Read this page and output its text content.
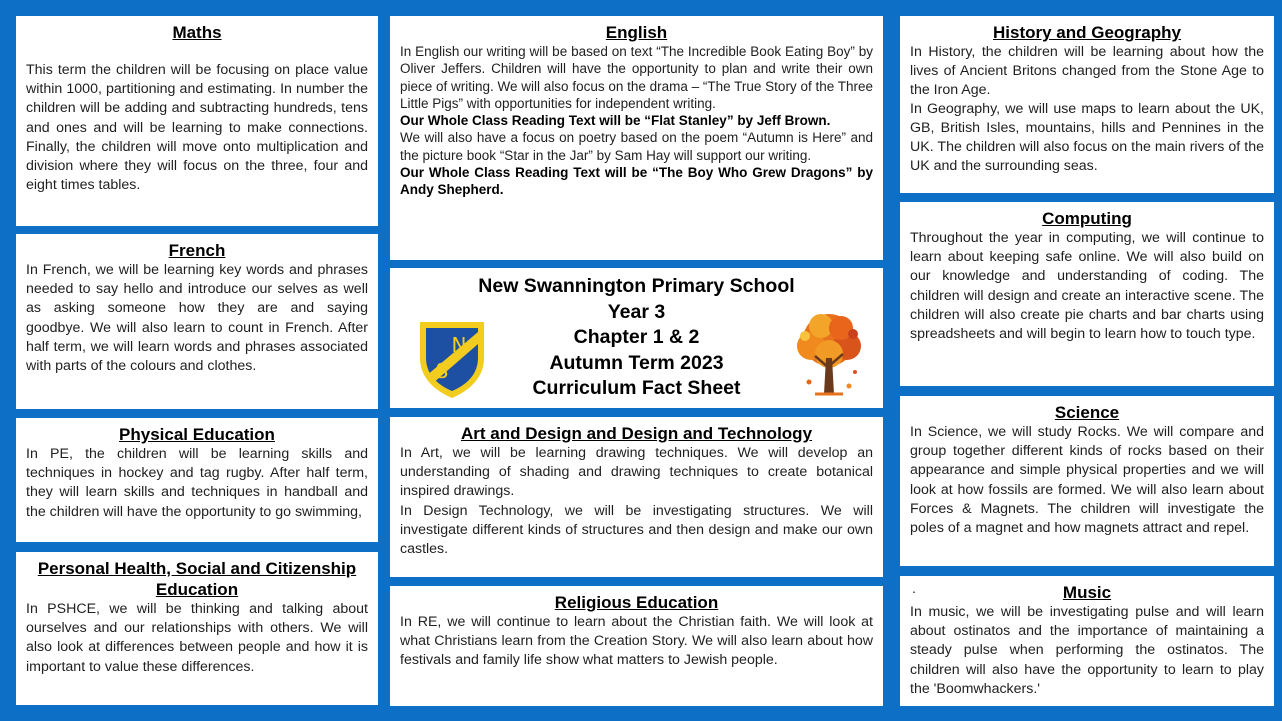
Maths

This term the children will be focusing on place value within 1000, partitioning and estimating. In number the children will be adding and subtracting hundreds, tens and ones and will be learning to make connections. Finally, the children will move onto multiplication and division where they will focus on the three, four and eight times tables.

French

In French, we will be learning key words and phrases needed to say hello and introduce our selves as well as asking someone how they are and saying goodbye. We will also learn to count in French. After half term, we will learn words and phrases associated with parts of the colours and clothes.

Physical Education

In PE, the children will be learning skills and techniques in hockey and tag rugby. After half term, they will learn skills and techniques in handball and the children will have the opportunity to go swimming,

Personal Health, Social and Citizenship Education

In PSHCE, we will be thinking and talking about ourselves and our relationships with others. We will also look at differences between people and how it is important to value these differences.

English

In English our writing will be based on text “The Incredible Book Eating Boy” by Oliver Jeffers. Children will have the opportunity to plan and write their own piece of writing. We will also focus on the drama – “The True Story of the Three Little Pigs” with opportunities for independent writing.

Our Whole Class Reading Text will be “Flat Stanley” by Jeff Brown.

We will also have a focus on poetry based on the poem “Autumn is Here” and the picture book “Star in the Jar” by Sam Hay will support our writing.

Our Whole Class Reading Text will be “The Boy Who Grew Dragons” by Andy Shepherd.

New Swannington Primary School
Year 3
Chapter 1 & 2
Autumn Term 2023
Curriculum Fact Sheet
N
S
Art and Design and Design and Technology

In Art, we will be learning drawing techniques. We will develop an understanding of shading and drawing techniques to create botanical inspired drawings.

In Design Technology, we will be investigating structures. We will investigate different kinds of structures and then design and make our own castles.

Religious Education

In RE, we will continue to learn about the Christian faith. We will look at what Christians learn from the Creation Story. We will also learn about how festivals and family life show what matters to Jewish people.

History and Geography

In History, the children will be learning about how the lives of Ancient Britons changed from the Stone Age to the Iron Age.

In Geography, we will use maps to learn about the UK, GB, British Isles, mountains, hills and Pennines in the UK. The children will also focus on the main rivers of the UK and the surrounding seas.

Computing

Throughout the year in computing, we will continue to learn about keeping safe online. We will also build on our knowledge and understanding of coding. The children will design and create an interactive scene. The children will also create pie charts and bar charts using spreadsheets and will begin to learn how to touch type.

Science

In Science, we will study Rocks. We will compare and group together different kinds of rocks based on their appearance and simple physical properties and we will look at how fossils are formed. We will also learn about Forces & Magnets. The children will investigate the poles of a magnet and how magnets attract and repel.

.	Music

In music, we will be investigating pulse and will learn about ostinatos and the importance of maintaining a steady pulse when performing the ostinatos. The children will also have the opportunity to learn to play the 'Boomwhackers.'
